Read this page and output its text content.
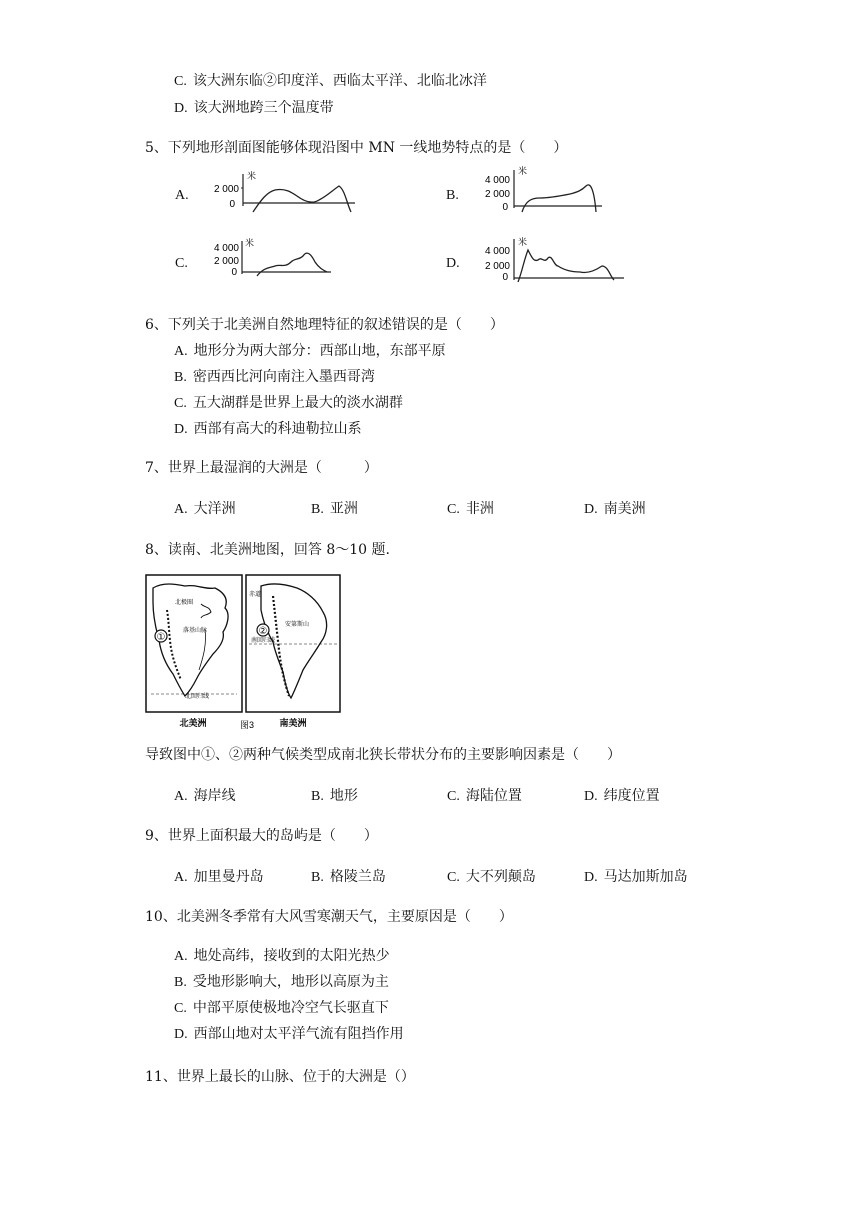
C. 该大洲东临②印度洋、西临太平洋、北临北冰洋
D. 该大洲地跨三个温度带
5、下列地形剖面图能够体现沿图中 MN 一线地势特点的是（　　）
A.	2 000
0
米
B.
4 000
2 000
0
米
C.
4 000
2 000
0
米
D.
4 000
2 000
0
米
6、下列关于北美洲自然地理特征的叙述错误的是（　　）
A. 地形分为两大部分：西部山地，东部平原
B. 密西西比河向南注入墨西哥湾
C. 五大湖群是世界上最大的淡水湖群
D. 西部有高大的科迪勒拉山系
7、世界上最湿润的大洲是（　　　）
A. 大洋洲	B. 亚洲	C. 非洲	D. 南美洲
8、读南、北美洲地图，回答 8～10 题.
①
北极圈
落基山脉
北回归线
②
南回归线
赤道
安第斯山
北美洲	图3	南美洲
导致图中①、②两种气候类型成南北狭长带状分布的主要影响因素是（　　）
A. 海岸线	B. 地形	C. 海陆位置	D. 纬度位置
9、世界上面积最大的岛屿是（　　）
A. 加里曼丹岛	B. 格陵兰岛	C. 大不列颠岛	D. 马达加斯加岛
10、北美洲冬季常有大风雪寒潮天气，主要原因是（　　）
A. 地处高纬，接收到的太阳光热少
B. 受地形影响大，地形以高原为主
C. 中部平原使极地冷空气长驱直下
D. 西部山地对太平洋气流有阻挡作用
11、世界上最长的山脉、位于的大洲是（）
